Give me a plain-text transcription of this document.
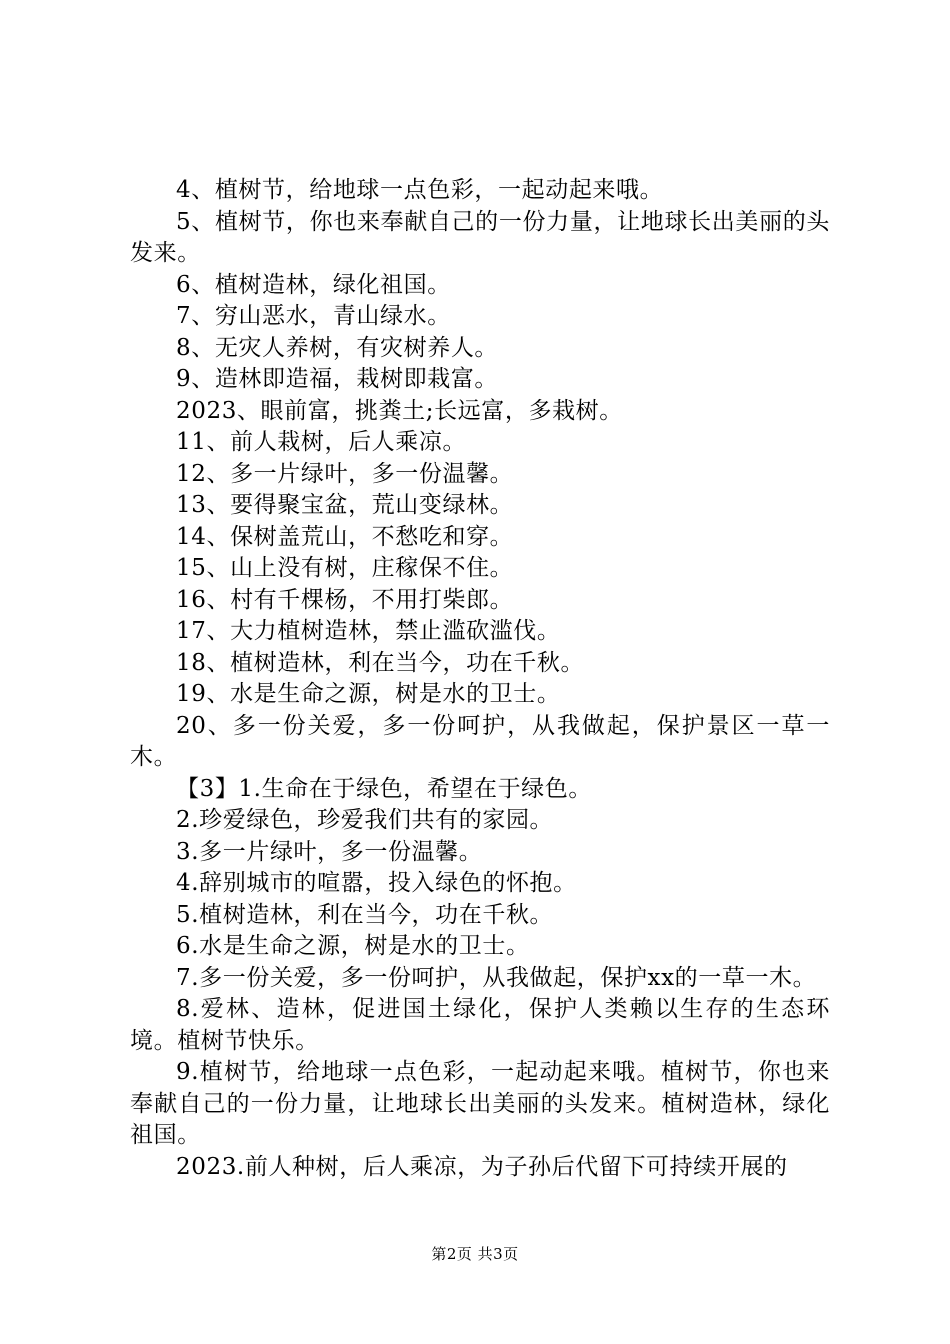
4、植树节，给地球一点色彩，一起动起来哦。

5、植树节，你也来奉献自己的一份力量，让地球长出美丽的头发来。

6、植树造林，绿化祖国。

7、穷山恶水，青山绿水。

8、无灾人养树，有灾树养人。

9、造林即造福，栽树即栽富。

2023、眼前富，挑粪土;长远富，多栽树。

11、前人栽树，后人乘凉。

12、多一片绿叶，多一份温馨。

13、要得聚宝盆，荒山变绿林。

14、保树盖荒山，不愁吃和穿。

15、山上没有树，庄稼保不住。

16、村有千棵杨，不用打柴郎。

17、大力植树造林，禁止滥砍滥伐。

18、植树造林，利在当今，功在千秋。

19、水是生命之源，树是水的卫士。

20、多一份关爱，多一份呵护，从我做起，保护景区一草一木。

【3】1.生命在于绿色，希望在于绿色。

2.珍爱绿色，珍爱我们共有的家园。

3.多一片绿叶，多一份温馨。

4.辞别城市的喧嚣，投入绿色的怀抱。

5.植树造林，利在当今，功在千秋。

6.水是生命之源，树是水的卫士。

7.多一份关爱，多一份呵护，从我做起，保护xx的一草一木。

8.爱林、造林，促进国土绿化，保护人类赖以生存的生态环境。植树节快乐。

9.植树节，给地球一点色彩，一起动起来哦。植树节，你也来奉献自己的一份力量，让地球长出美丽的头发来。植树造林，绿化祖国。

2023.前人种树，后人乘凉，为子孙后代留下可持续开展的

第2页 共3页
